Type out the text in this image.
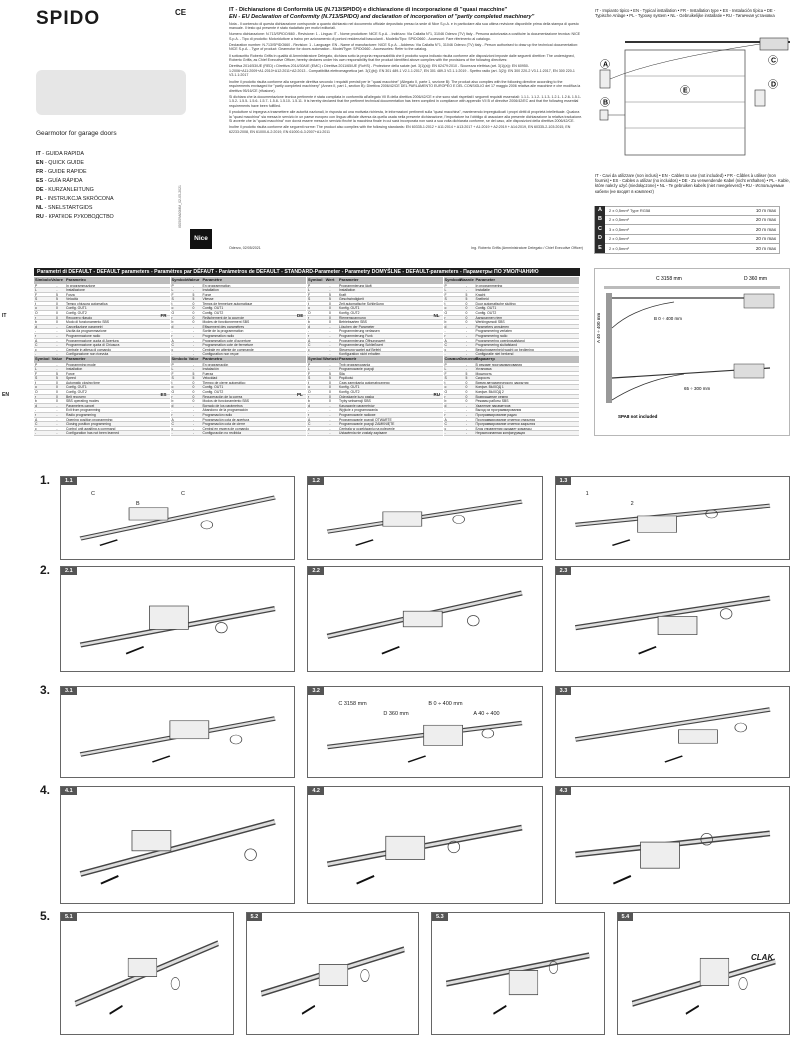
SPIDO	CE
Gearmotor for garage doors
IT - GUIDA RAPIDA
EN - QUICK GUIDE
FR - GUIDE RAPIDE
ES - GUÍA RÁPIDA
DE - KURZANLEITUNG
PL - INSTRUKCJA SKRÓCONA
NL - SNELSTARTGIDS
RU - КРАТКОЕ РУКОВОДСТВО	IS0509A00MM_02-05-2021
Nice
IT - Dichiarazione di Conformità UE (N.713/SPIDO) e dichiarazione di incorporazione di "quasi macchine"
EN - EU Declaration of Conformity (N.713/SPIDO) and declaration of incorporation of "partly completed machinery"

Nota - Il contenuto di questa dichiarazione corrisponde a quanto dichiarato nel documento ufficiale depositato presso la sede di Nice S.p.A. e in particolare alla sua ultima revisione disponibile prima della stampa di questo manuale. Il testo qui presente è stato riadattato per motivi editoriali.

Numero dichiarazione: N.713/SPIDO/660 - Revisione: 1 - Lingua: IT - Nome produttore: NICE S.p.A. - Indirizzo: Via Callalta N°1, 31046 Oderzo (TV) Italy - Persona autorizzata a costituire la documentazione tecnica: NICE S.p.A. - Tipo di prodotto: Motoriduttore a traino per azionamento di portoni residenziali basculanti - Modello/Tipo: SPIDO660 - Accessori: Fare riferimento al catalogo.

Declaration number: N.713/SPIDO660 - Revision: 1 - Language: EN - Name of manufacturer: NICE S.p.A. - Address: Via Callalta N°1, 31046 Oderzo (TV) Italy - Person authorised to draw up the technical documentation: NICE S.p.A. - Type of product: Gearmotor for doors automation - Model/Type: SPIDO660 - Accessories: Refer to the catalog.

Il sottoscritto Roberto Griffa in qualità di Amministratore Delegato, dichiara sotto la propria responsabilità che il prodotto sopra indicato risulta conforme alle disposizioni imposte dalle seguenti direttive: The undersigned, Roberto Griffa, as Chief Executive Officer, hereby declares under his own responsibility that the product identified above complies with the provisions of the following directives:

Direttiva 2014/53/UE (RED) • Direttiva 2014/30/UE (EMC) • Direttiva 2011/65/UE (RoHS) - Protezione della salute (art. 3(1)(a)): EN 62479:2010 - Sicurezza elettrica (art. 3(1)(a)): EN 60950-1:2006+A11:2009+A1:2010+A12:2011+A2:2013 - Compatibilità elettromagnetica (art. 3(1)(b)): EN 301 489-1 V2.1.1:2017, EN 301 489-3 V2.1.1:2019 - Spettro radio (art. 3(2)): EN 300 220-2 V3.1.1:2017, EN 300 220-1 V3.1.1:2017

Inoltre il prodotto risulta conforme alla seguente direttiva secondo i requisiti previsti per le "quasi macchine" (Allegato II, parte 1, sezione B): The product also complies with the following directive according to the requirements envisaged for "partly completed machinery" (Annex II, part 1, section B): Direttiva 2006/42/CE DEL PARLAMENTO EUROPEO E DEL CONSIGLIO del 17 maggio 2006 relativa alle macchine e che modifica la direttiva 95/16/CE (rifusione).

Si dichiara che la documentazione tecnica pertinente è stata compilata in conformità all'allegato VII B della direttiva 2006/42/CE e che sono stati rispettati i seguenti requisiti essenziali: 1.1.1- 1.1.2- 1.1.3- 1.2.1- 1.2.6- 1.5.1- 1.5.2- 1.5.5- 1.5.6- 1.5.7- 1.5.8- 1.5.10- 1.5.11. It is hereby declared that the pertinent technical documentation has been compiled in compliance with appendix VII B of directive 2006/42/EC and that the following essential requirements have been fulfilled.

Il produttore si impegna a trasmettere alle autorità nazionali, in risposta ad una motivata richiesta, le informazioni pertinenti sulla "quasi macchina", mantenendo impregiudicati i propri diritti di proprietà intellettuale. Qualora la "quasi macchina" sia messa in servizio in un paese europeo con lingua ufficiale diversa da quella usata nella presente dichiarazione, l'importatore ha l'obbligo di associare alla presente dichiarazione la relativa traduzione. Si avverte che la "quasi macchina" non dovrà essere messa in servizio finché la macchina finale in cui sarà incorporata non sarà a sua volta dichiarata conforme, se del caso, alle disposizioni della direttiva 2006/42/CE.

Inoltre il prodotto risulta conforme alle seguenti norme: The product also complies with the following standards: EN 60335-1:2012 + A11:2014 + A13:2017 + A1:2019 + A2:2019 + A14:2019, EN 60335-2-103:2015, EN 62233:2008, EN 61000-6-2:2019, EN 61000-6-3:2007+A1:2011

Oderzo, 02/05/2021	Ing. Roberto Griffa (Amministratore Delegato / Chief Executive Officer)
IT - Impianto tipico • EN - Typical installation • FR - Installation type • ES - Instalación típica • DE - Typische Anlage • PL - Typowy system • NL - Gebruikelijke installatie • RU - Типичная установка
A
B
C
D
E
IT - Cavi da utilizzare (non inclusi) • EN - Cables to use (not included) • FR - Câbles à utiliser (non fournis) • ES - Cables a utilizar (no incluidos) • DE - Zu verwendende Kabel (nicht enthalten) • PL - Kable, które należy użyć (niedołączone) • NL - Te gebruiken kabels (niet meegeleverd) • RU - Используемые кабели (не входят в комплект)
A	2 x 0,5mm² Type RG58	10 m max
B	2 x 0,5mm²	20 m max
C	3 x 0,5mm²	20 m max
D	2 x 0,5mm²	20 m max
E	2 x 0,5mm²	20 m max
Parametri di DEFAULT - DEFAULT parameters - Paramètres par DÉFAUT - Parámetros de DEFAULT - STANDARD-Parameter - Parametry DOMYŚLNE - DEFAULT-parameters - Параметры ПО УМОЛЧАНИЮ
Simbolo Valore Parametro
P	-	In programmazione
L	-	Installazione
F	5	Forza
S	5	Velocità
t	0	Tempo chiusura automatica
o	0	Config. OUT1
O	0	Config. OUT2
r	0	Recupero rilascio
b	0	Modo di funzionamento SBS
d	-	Cancellazione parametri
-	-	Uscita da programmazione
r	-	Programmazione radio
A	-	Programmazione quota di Apertura
C	-	Programmazione quota di Chiusura
c	-	Centrale in attesa di comando
-	-	Configurazione non ricevuta
IT
Symbole Valeur Paramètre
P	-	En programmation
L	-	Installation
F	5	Force
S	5	Vitesse
t	0	Temps de fermeture automatique
o	0	Config. OUT1
O	0	Config. OUT2
r	0	Relâchement de la courroie
b	0	Modes de fonctionnement SBS
d	-	Effacement des paramètres
-	-	Sortie de la programmation
r	-	Programmation radio
A	-	Programmation cote d'ouverture
C	-	Programmation cote de fermeture
c	-	Centrale en attente de commande
-	-	Configuration non reçue
FR
Symbol Wert	Parameter
P	-	Programmierung läuft
L	-	Installation
F	5	Kraft
S	5	Geschwindigkeit
t	0	Zeit automatische Schließung
o	0	Konfig. OUT1
O	0	Konfig. OUT2
r	0	Riemenspannung
b	0	Betriebsarten SBS
d	-	Löschen der Parameter
-	-	Programmierung verlassen
r	-	Programmierung Funk
A	-	Programmierung Öffnungswert
C	-	Programmierung Schließwert
c	-	Steuerung wartet auf Befehl
-	-	Konfiguration nicht erhalten
DE
Symbool
Waarde Parameter
P	-	In programmering
L	-	Installatie
F	5	Kracht
S	5	Snelheid
t	0	Duur automatische sluiting
o	0	Config. OUT1
O	0	Config. OUT2
r	0	Aanspannen riem
b	0	Werkingsmodi SBS
d	-	Parameters annuleren
-	-	Programmering verlaten
r	-	Programmering radio
A	-	Programmering openingsafstand
C	-	Programmering sluitafstand
c	-	Besturingseenheid wacht op bediening
-	-	Configuratie niet herkend
NL
Symbol Value Parameter
P	-	Programming mode
L	-	Installation
F	5	Force
S	5	Speed
t	0	Automatic closing time
o	0	Config. OUT1
O	0	Config. OUT2
r	0	Belt recovery
b	0	SBS operating modes
d	-	Parameters cancel
-	-	Exit from programming
r	-	Radio programming
A	-	Opening position programming
C	-	Closing position programming
c	-	Control unit awaiting a command
-	-	Configuration has not been learned
EN
Símbolo Valor	Parámetro
P	-	En programación
L	-	Instalación
F	5	Fuerza
S	5	Velocidad
t	0	Tiempo de cierre automático
o	0	Config. OUT1
O	0	Config. OUT2
r	0	Recuperación de la correa
b	0	Modos de funcionamiento SBS
d	-	Borrado de los parámetros
-	-	Abandono de la programación
r	-	Programación radio
A	-	Programación cota de apertura
C	-	Programación cota de cierre
c	-	Central en espera de comando
-	-	Configuración no recibida
ES
Symbol Wartość Parametr
P	-	Tryb programowania
L	-	Programowanie pozycji
F	5	Siła
S	5	Prędkość
t	0	Czas zamykania automatycznego
o	0	Konfig. OUT1
O	0	Konfig. OUT2
r	0	Odzyskanie luzu paska
b	0	Tryby sekwencji SBS
d	-	Kasowanie parametrów
-	-	Wyjście z programowania
r	-	Programowanie radiowe
A	-	Programowanie pozycji OTWARTE
C	-	Programowanie pozycji ZAMKNIĘTE
c	-	Centrala w oczekiwaniu na polecenie
-	-	Ustawienia nie zostały zapisane
PL
Символ Значение
Параметр
P	-	В режиме программирования
L	-	Установка
F	5	Мощность
S	5	Скорость
t	0	Время автоматического закрытия
o	0	Конфиг. ВЫХОД 1
O	0	Конфиг. ВЫХОД 2
r	0	Возвращение ремня
b	0	Режимы работы SBS
d	-	Удаление параметров
-	-	Выход из программирования
r	-	Программирование радио
A	-	Программирование отметки открытия
C	-	Программирование отметки закрытия
c	-	Блок управления ожидает команды
-	-	Нераспознанная конфигурация
RU
C 3158 mm	D 360 mm
A 40 ÷ 400 mm	B 0 ÷ 400 mm
65 ÷ 300 mm
SPA8 not included
1.	1.1
C
B
C
1.2	1.3
1
2
2.	2.1	2.2	2.3
3.	3.1	3.2
C 3158 mm
D 360 mm
B 0 ÷ 400 mm
A 40 ÷ 400
3.3
4.	4.1	4.2	4.3
5.	5.1	5.2	5.3	5.4
CLAK
